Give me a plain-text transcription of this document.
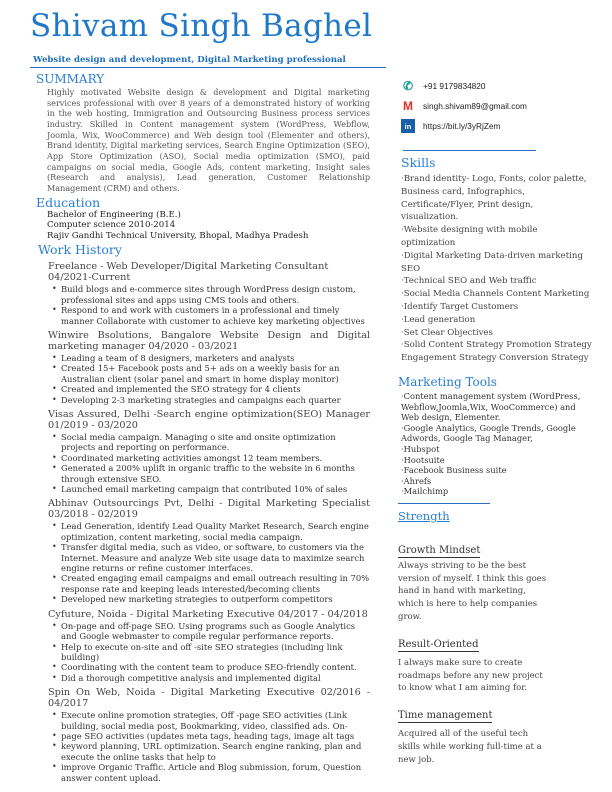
Shivam Singh Baghel
Website design and development, Digital Marketing professional
SUMMARY
Highly motivated Website design & development and Digital marketing services professional with over 8 years of a demonstrated history of working in the web hosting, Immigration and Outsourcing Business process services industry. Skilled in Content management system (WordPress, Webflow, Joomla, Wix, WooCommerce) and Web design tool (Elementer and others), Brand identity, Digital marketing services, Search Engine Optimization (SEO), App Store Optimization (ASO), Social media optimization (SMO), paid campaigns on social media, Google Ads, content marketing, Insight sales (Research and analysis), Lead generation, Customer Relationship Management (CRM) and others.
Education
Bachelor of Engineering (B.E.)
Computer science 2010-2014
Rajiv Gandhi Technical University, Bhopal, Madhya Pradesh
Work History
Freelance - Web Developer/Digital Marketing Consultant
04/2021-Current
• Build blogs and e-commerce sites through WordPress design custom, professional sites and apps using CMS tools and others.
• Respond to and work with customers in a professional and timely manner Collaborate with customer to achieve key marketing objectives
Winwire Bsolutions, Bangalore Website Design and Digital marketing manager 04/2020 - 03/2021
• Leading a team of 8 designers, marketers and analysts
• Created 15+ Facebook posts and 5+ ads on a weekly basis for an Australian client (solar panel and smart in home display monitor)
• Created and implemented the SEO strategy for 4 clients
• Developing 2-3 marketing strategies and campaigns each quarter
Visas Assured, Delhi -Search engine optimization(SEO) Manager 01/2019 - 03/2020
• Social media campaign. Managing o site and onsite optimization projects and reporting on performance.
• Coordinated marketing activities amongst 12 team members.
• Generated a 200% uplift in organic traffic to the website in 6 months through extensive SEO.
• Launched email marketing campaign that contributed 10% of sales
Abhinav Outsourcings Pvt, Delhi - Digital Marketing Specialist 03/2018 - 02/2019
• Lead Generation, identify Lead Quality Market Research, Search engine optimization, content marketing, social media campaign.
• Transfer digital media, such as video, or software, to customers via the Internet. Measure and analyze Web site usage data to maximize search engine returns or refine customer interfaces.
• Created engaging email campaigns and email outreach resulting in 70% response rate and keeping leads interested/becoming clients
• Developed new marketing strategies to outperform competitors
Cyfuture, Noida - Digital Marketing Executive 04/2017 - 04/2018
• On-page and off-page SEO. Using programs such as Google Analytics and Google webmaster to compile regular performance reports.
• Help to execute on-site and off -site SEO strategies (including link building)
• Coordinating with the content team to produce SEO-friendly content.
• Did a thorough competitive analysis and implemented digital
Spin On Web, Noida - Digital Marketing Executive 02/2016 - 04/2017
• Execute online promotion strategies, Off -page SEO activities (Link building, social media post, Bookmarking, video, classified ads. On-
• page SEO activities (updates meta tags, heading tags, image alt tags
• keyword planning, URL optimization. Search engine ranking, plan and execute the online tasks that help to
• improve Organic Traffic. Article and Blog submission, forum, Question answer content upload.
✆ +91 9179834820
M singh.shivam89@gmail.com
in	https://bit.ly/3yRjZem
Skills
·Brand identity- Logo, Fonts, color palette, Business card, Infographics, Certificate/Flyer, Print design, visualization.
·Website designing with mobile optimization
·Digital Marketing Data-driven marketing SEO
·Technical SEO and Web traffic
·Social Media Channels Content Marketing
·Identify Target Customers
·Lead generation
·Set Clear Objectives
·Solid Content Strategy Promotion Strategy Engagement Strategy Conversion Strategy
Marketing Tools
·Content management system (WordPress, Webflow,Joomla,Wix, WooCommerce) and Web design, Elementer.
·Google Analytics, Google Trends, Google Adwords, Google Tag Manager,
·Hubspot
·Hootsuite
·Facebook Business suite
·Ahrefs
·Mailchimp
Strength
Growth Mindset
Always striving to be the best version of myself. I think this goes hand in hand with marketing, which is here to help companies grow.
Result-Oriented
I always make sure to create roadmaps before any new project to know what I am aiming for.
Time management
Acquired all of the useful tech skills while working full-time at a new job.
